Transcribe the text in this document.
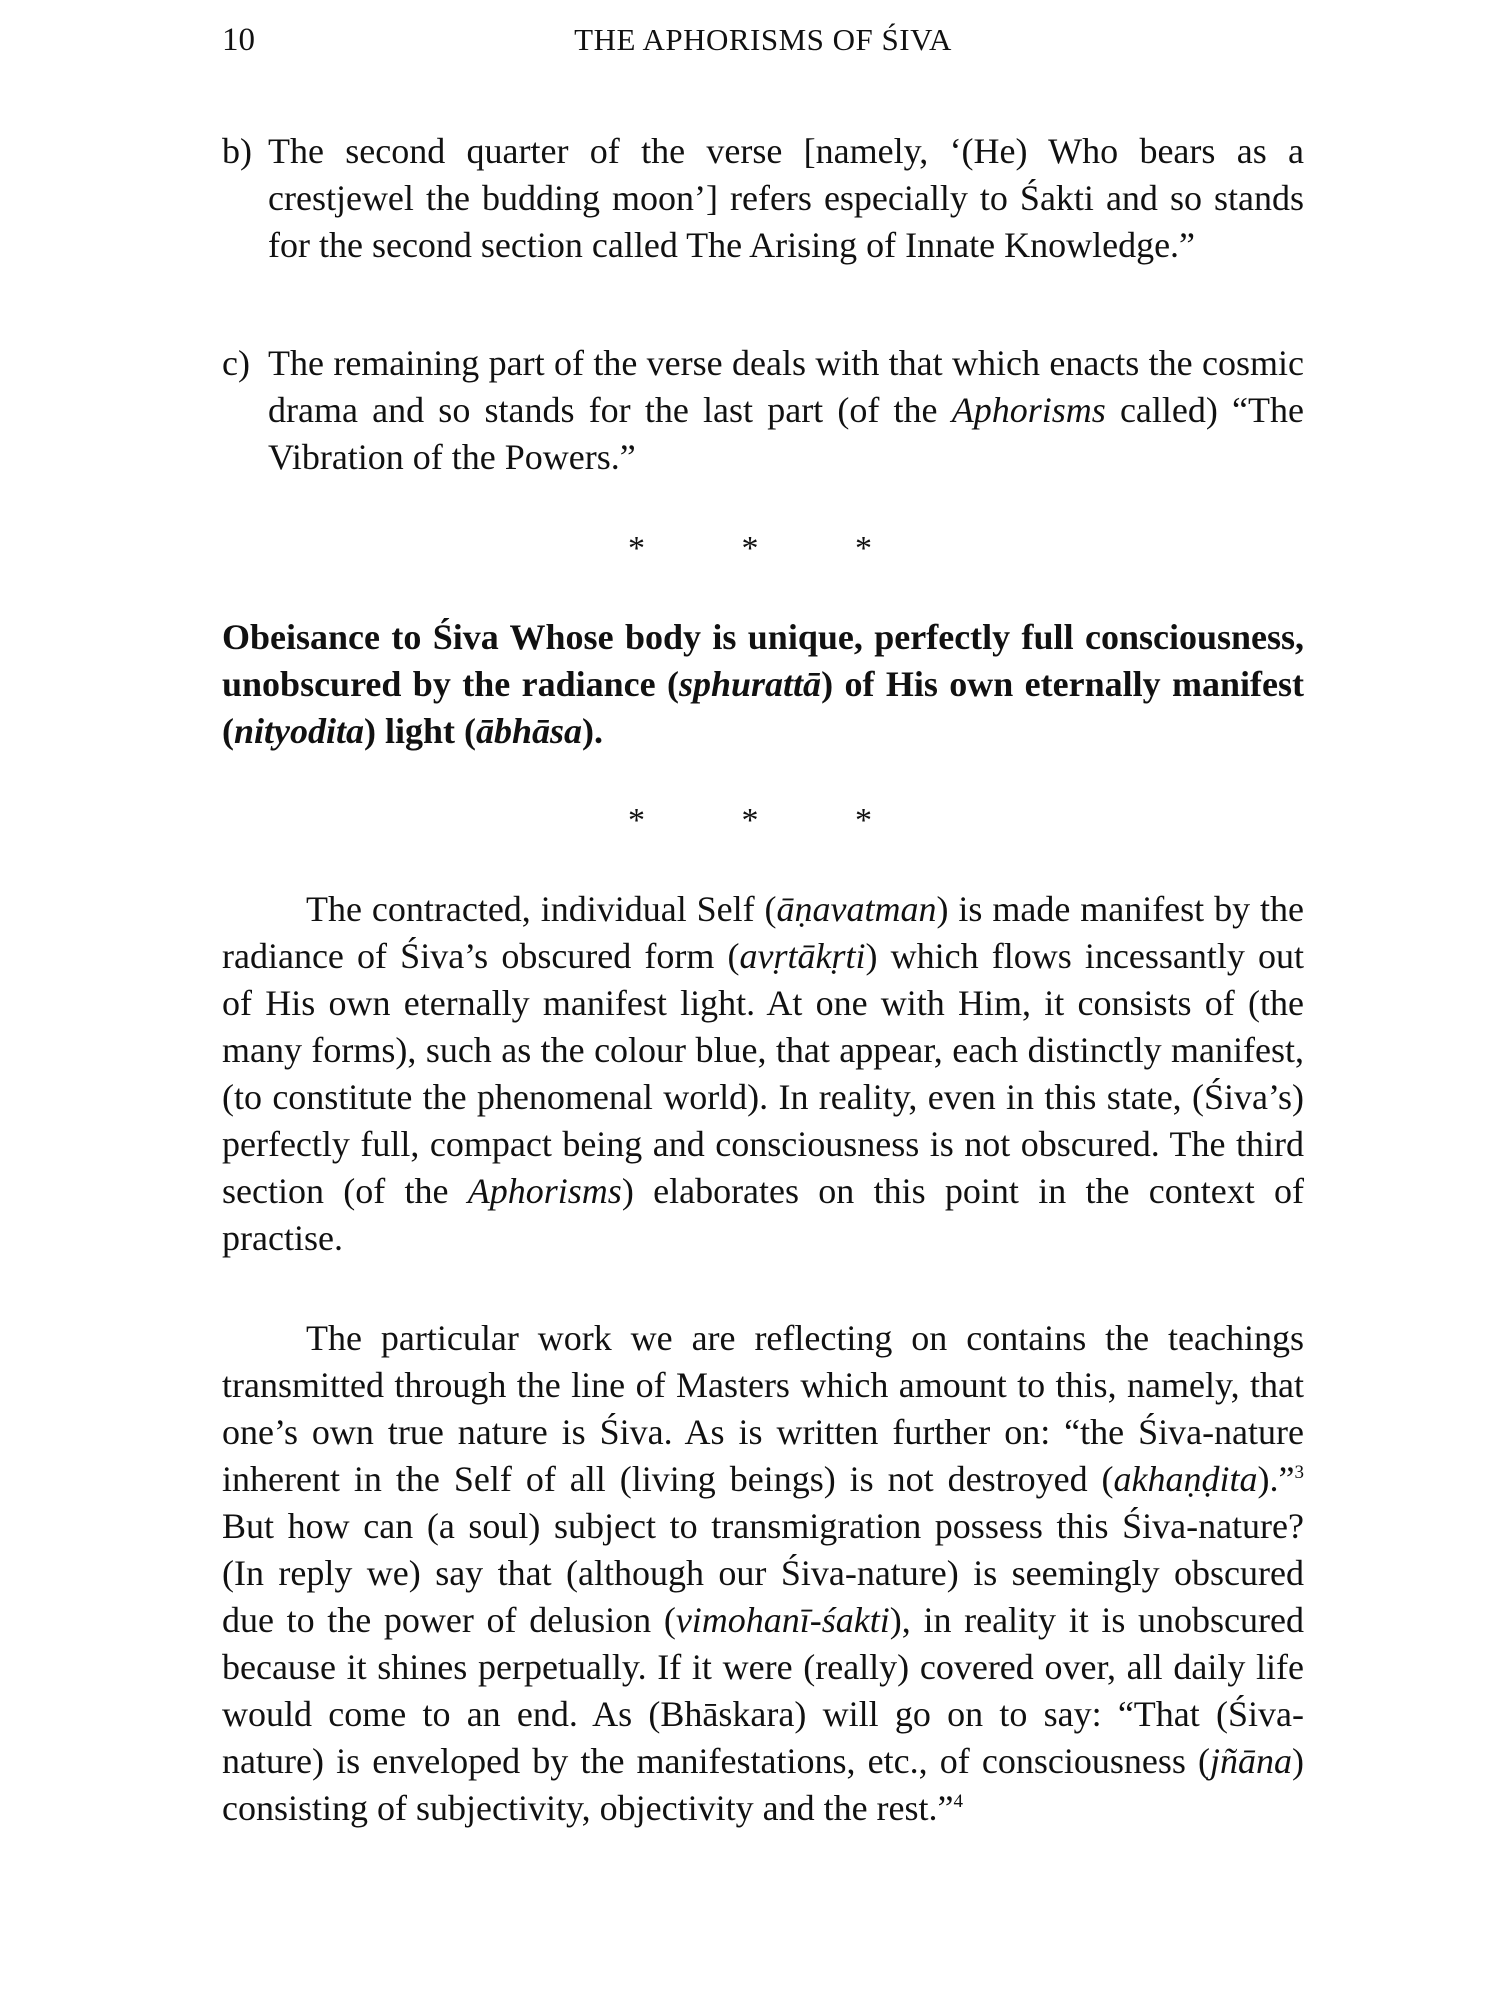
10	THE APHORISMS OF ŚIVA
b) The second quarter of the verse [namely, ‘(He) Who bears as a crestjewel the budding moon’] refers especially to Śakti and so stands for the second section called The Arising of Innate Knowledge.”
c) The remaining part of the verse deals with that which enacts the cosmic drama and so stands for the last part (of the Aphorisms called) “The Vibration of the Powers.”
* * *
Obeisance to Śiva Whose body is unique, perfectly full consciousness, unobscured by the radiance (sphurattā) of His own eternally manifest (nityodita) light (ābhāsa).
* * *
The contracted, individual Self (āṇavatman) is made manifest by the radiance of Śiva’s obscured form (avṛtākṛti) which flows incessantly out of His own eternally manifest light. At one with Him, it consists of (the many forms), such as the colour blue, that appear, each distinctly manifest, (to constitute the phenomenal world). In reality, even in this state, (Śiva’s) perfectly full, compact being and consciousness is not obscured. The third section (of the Aphorisms) elaborates on this point in the context of practise.
The particular work we are reflecting on contains the teachings transmitted through the line of Masters which amount to this, namely, that one’s own true nature is Śiva. As is written further on: “the Śiva-nature inherent in the Self of all (living beings) is not destroyed (akhaṇḍita).”$^3$ But how can (a soul) subject to transmigration possess this Śiva-nature? (In reply we) say that (although our Śiva-nature) is seemingly obscured due to the power of delusion (vimohanī-śakti), in reality it is unobscured because it shines perpetually. If it were (really) covered over, all daily life would come to an end. As (Bhāskara) will go on to say: “That (Śiva-nature) is enveloped by the manifestations, etc., of consciousness (jñāna) consisting of subjectivity, objectivity and the rest.”$^4$
